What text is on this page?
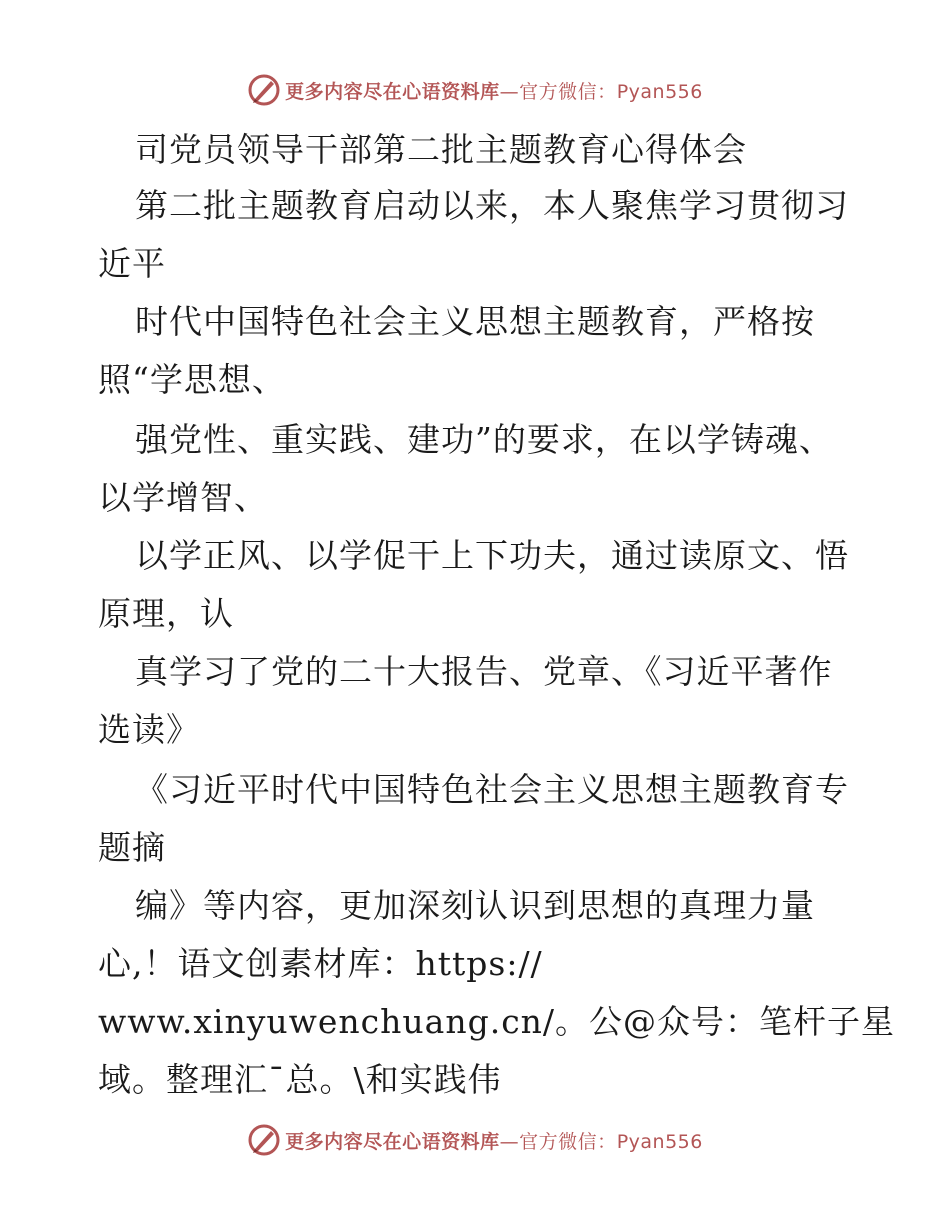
更多内容尽在心语资料库—官方微信：Pyan556
司党员领导干部第二批主题教育心得体会
第二批主题教育启动以来，本人聚焦学习贯彻习
近平
时代中国特色社会主义思想主题教育，严格按
照“学思想、
强党性、重实践、建功”的要求，在以学铸魂、
以学增智、
以学正风、以学促干上下功夫，通过读原文、悟
原理，认
真学习了党的二十大报告、党章、《习近平著作
选读》
《习近平时代中国特色社会主义思想主题教育专
题摘
编》等内容，更加深刻认识到思想的真理力量
心,！语文创素材库：https://
www.xinyuwenchuang.cn/。公@众号：笔杆子星
域。整理汇¯总。\和实践伟
更多内容尽在心语资料库—官方微信：Pyan556
